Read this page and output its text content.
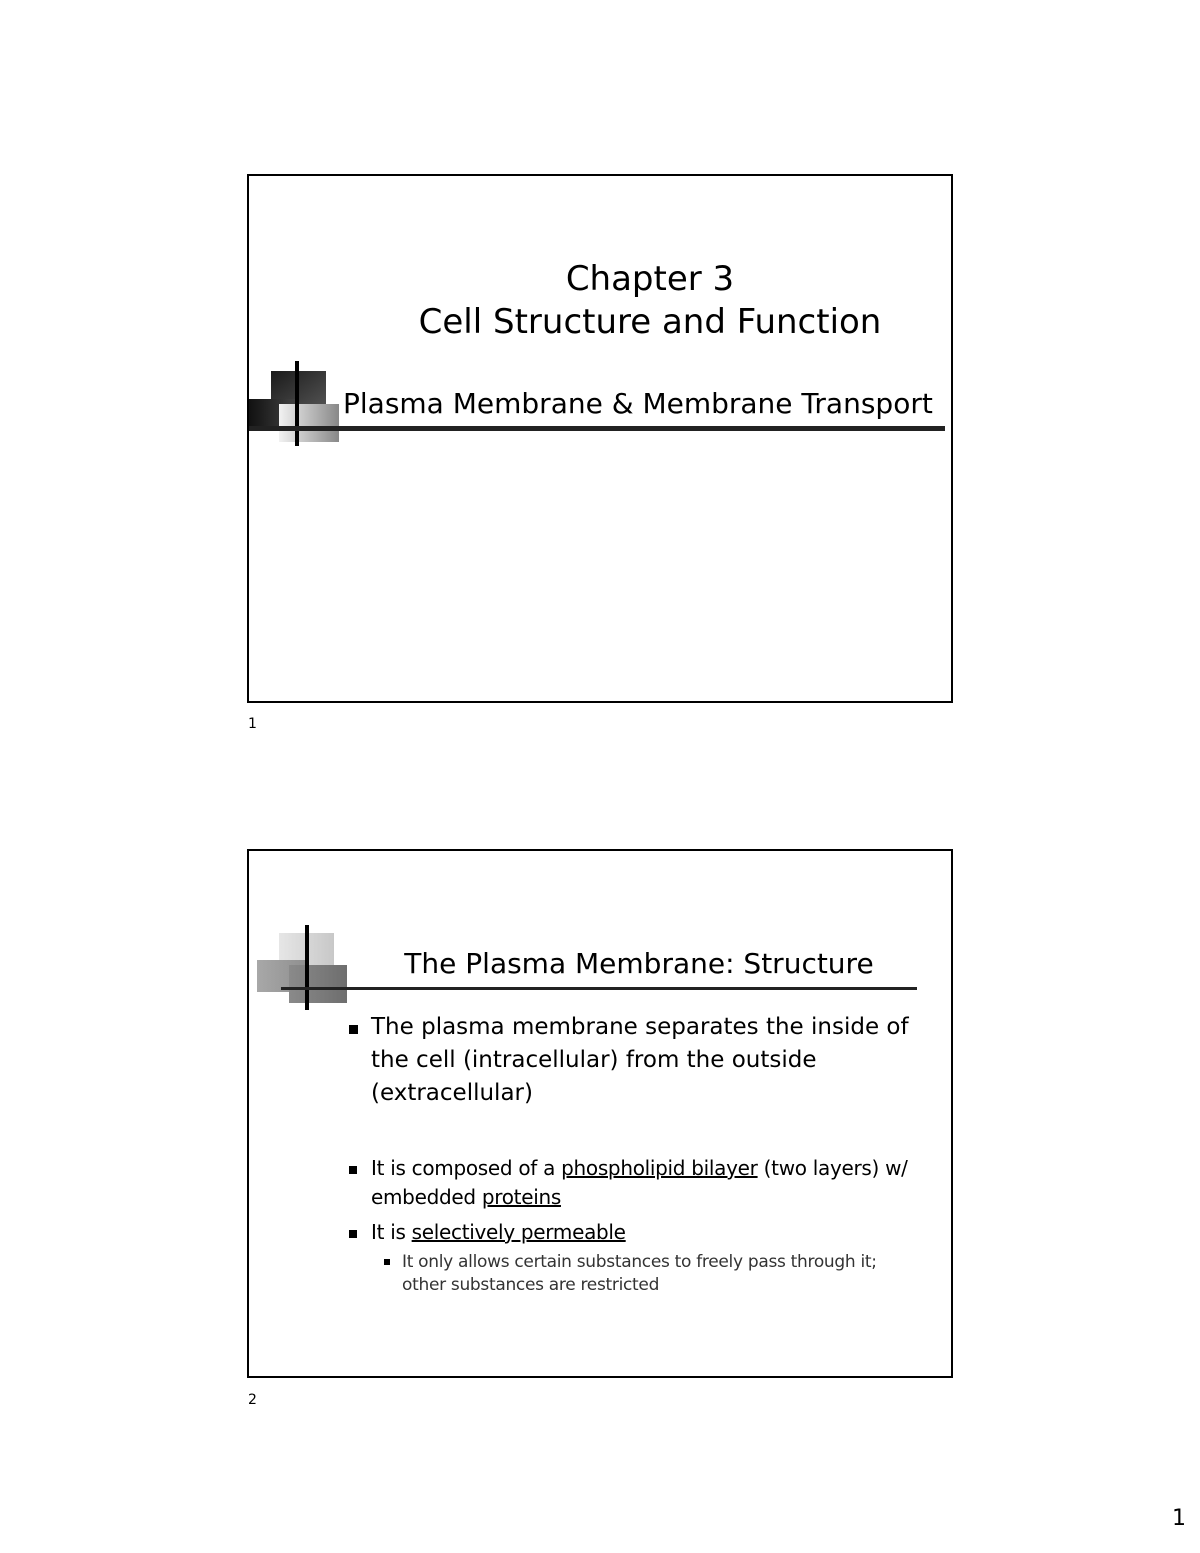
Chapter 3
Cell Structure and Function
Plasma Membrane & Membrane Transport
1
The Plasma Membrane: Structure
The plasma membrane separates the inside of the cell (intracellular) from the outside (extracellular)
It is composed of a phospholipid bilayer (two layers) w/ embedded proteins
It is selectively permeable
It only allows certain substances to freely pass through it; other substances are restricted
2
1
